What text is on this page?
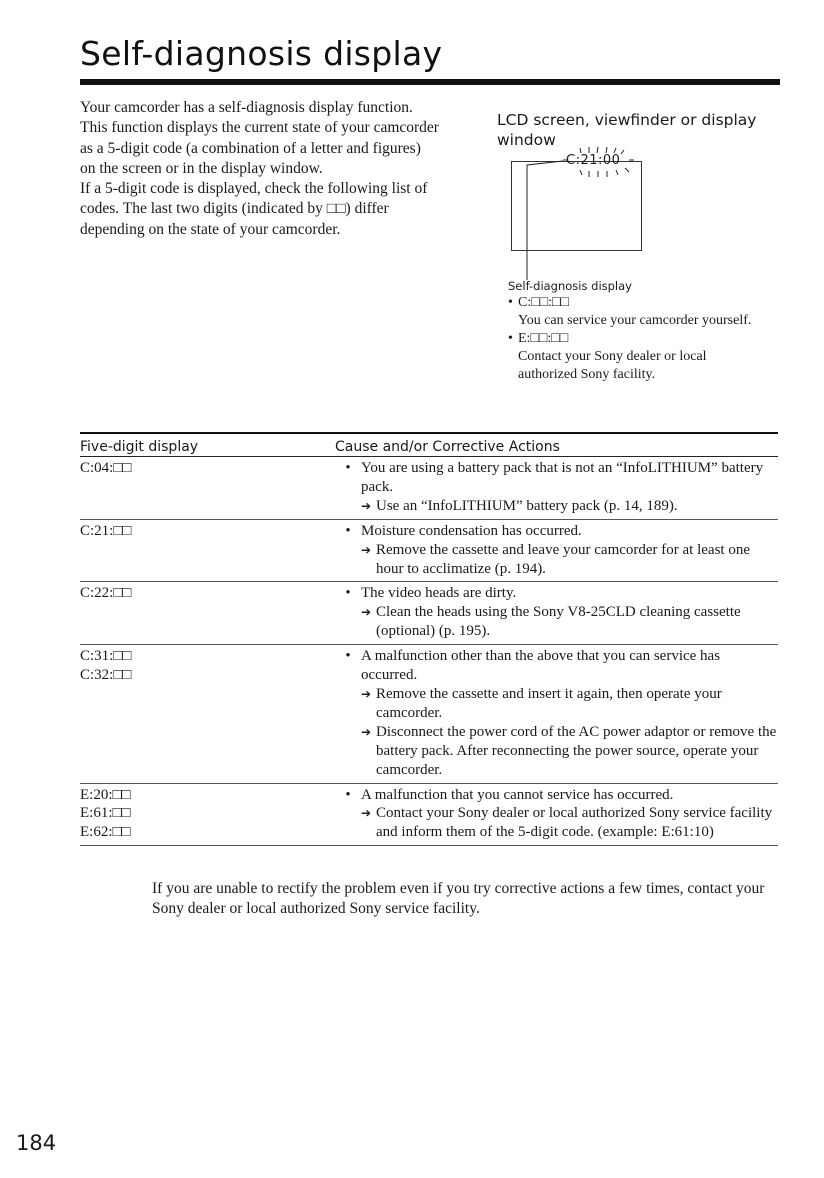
Self-diagnosis display

Your camcorder has a self-diagnosis display function.

This function displays the current state of your camcorder as a 5-digit code (a combination of a letter and figures) on the screen or in the display window.

If a 5-digit code is displayed, check the following list of codes. The last two digits (indicated by □□) differ depending on the state of your camcorder.

LCD screen, viewfinder or display window
C:21:00
Self-diagnosis display
• C:□□:□□
You can service your camcorder yourself.
• E:□□:□□
Contact your Sony dealer or local authorized Sony facility.
Five-digit display	Cause and/or Corrective Actions
C:04:□□	• You are using a battery pack that is not an “InfoLITHIUM” battery pack.
➔ Use an “InfoLITHIUM” battery pack (p. 14, 189).
C:21:□□	• Moisture condensation has occurred.
➔ Remove the cassette and leave your camcorder for at least one hour to acclimatize (p. 194).
C:22:□□	• The video heads are dirty.
➔ Clean the heads using the Sony V8-25CLD cleaning cassette (optional) (p. 195).
C:31:□□
C:32:□□
• A malfunction other than the above that you can service has occurred.
➔ Remove the cassette and insert it again, then operate your camcorder.
➔ Disconnect the power cord of the AC power adaptor or remove the battery pack. After reconnecting the power source, operate your camcorder.
E:20:□□
E:61:□□
E:62:□□
• A malfunction that you cannot service has occurred.
➔ Contact your Sony dealer or local authorized Sony service facility and inform them of the 5-digit code. (example: E:61:10)
If you are unable to rectify the problem even if you try corrective actions a few times, contact your Sony dealer or local authorized Sony service facility.
184
